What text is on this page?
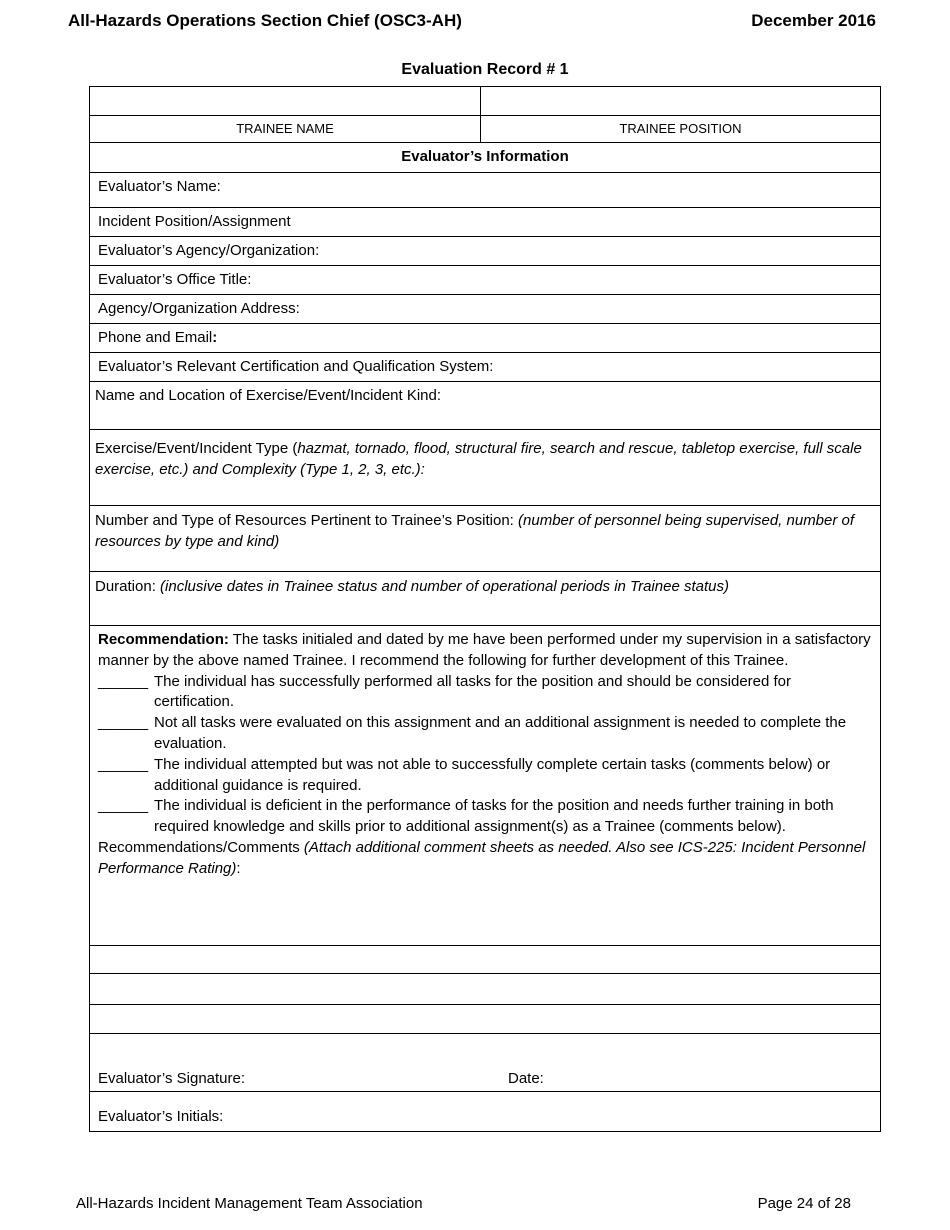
All-Hazards Operations Section Chief (OSC3-AH)	December 2016
Evaluation Record # 1
TRAINEE NAME	TRAINEE POSITION
Evaluator’s Information
Evaluator’s Name:
Incident Position/Assignment
Evaluator’s Agency/Organization:
Evaluator’s Office Title:
Agency/Organization Address:
Phone and Email:
Evaluator’s Relevant Certification and Qualification System:
Name and Location of Exercise/Event/Incident Kind:
Exercise/Event/Incident Type (hazmat, tornado, flood, structural fire, search and rescue, tabletop exercise, full scale exercise, etc.) and Complexity (Type 1, 2, 3, etc.):
Number and Type of Resources Pertinent to Trainee’s Position: (number of personnel being supervised, number of resources by type and kind)
Duration: (inclusive dates in Trainee status and number of operational periods in Trainee status)
Recommendation: The tasks initialed and dated by me have been performed under my supervision in a satisfactory manner by the above named Trainee. I recommend the following for further development of this Trainee.
______ The individual has successfully performed all tasks for the position and should be considered for certification.
______ Not all tasks were evaluated on this assignment and an additional assignment is needed to complete the evaluation.
______ The individual attempted but was not able to successfully complete certain tasks (comments below) or additional guidance is required.
______ The individual is deficient in the performance of tasks for the position and needs further training in both required knowledge and skills prior to additional assignment(s) as a Trainee (comments below).
Recommendations/Comments (Attach additional comment sheets as needed. Also see ICS-225: Incident Personnel Performance Rating):
Evaluator’s Signature:	Date:
Evaluator’s Initials:
All-Hazards Incident Management Team Association	Page 24 of 28
